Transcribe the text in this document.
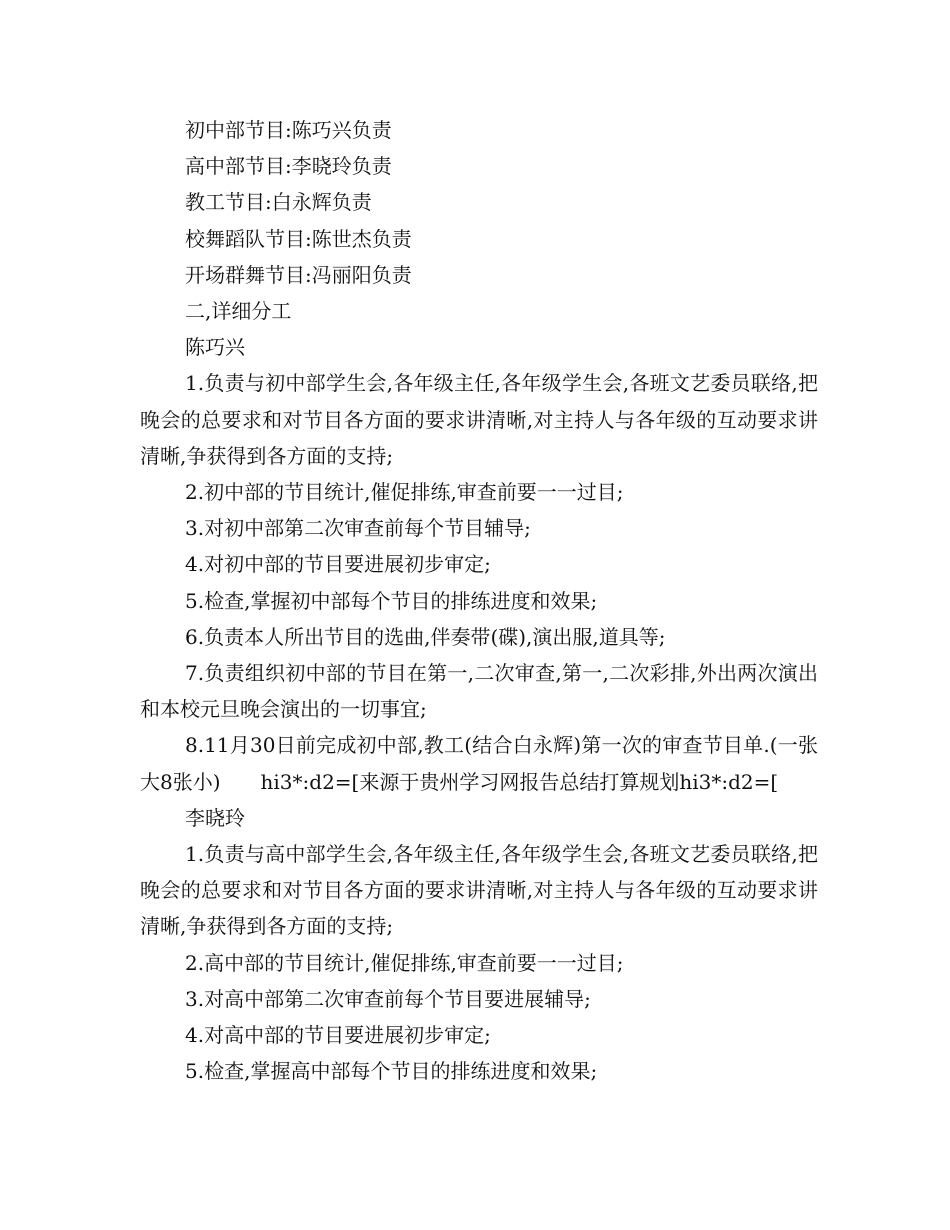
初中部节目:陈巧兴负责

高中部节目:李晓玲负责

教工节目:白永辉负责

校舞蹈队节目:陈世杰负责

开场群舞节目:冯丽阳负责

二,详细分工

陈巧兴

1.负责与初中部学生会,各年级主任,各年级学生会,各班文艺委员联络,把晚会的总要求和对节目各方面的要求讲清晰,对主持人与各年级的互动要求讲清晰,争获得到各方面的支持;

2.初中部的节目统计,催促排练,审查前要一一过目;

3.对初中部第二次审查前每个节目辅导;

4.对初中部的节目要进展初步审定;

5.检查,掌握初中部每个节目的排练进度和效果;

6.负责本人所出节目的选曲,伴奏带(碟),演出服,道具等;

7.负责组织初中部的节目在第一,二次审查,第一,二次彩排,外出两次演出和本校元旦晚会演出的一切事宜;

8.11月30日前完成初中部,教工(结合白永辉)第一次的审查节目单.(一张大8张小)　　hi3*:d2=[来源于贵州学习网报告总结打算规划hi3*:d2=[

李晓玲

1.负责与高中部学生会,各年级主任,各年级学生会,各班文艺委员联络,把晚会的总要求和对节目各方面的要求讲清晰,对主持人与各年级的互动要求讲清晰,争获得到各方面的支持;

2.高中部的节目统计,催促排练,审查前要一一过目;

3.对高中部第二次审查前每个节目要进展辅导;

4.对高中部的节目要进展初步审定;

5.检查,掌握高中部每个节目的排练进度和效果;
